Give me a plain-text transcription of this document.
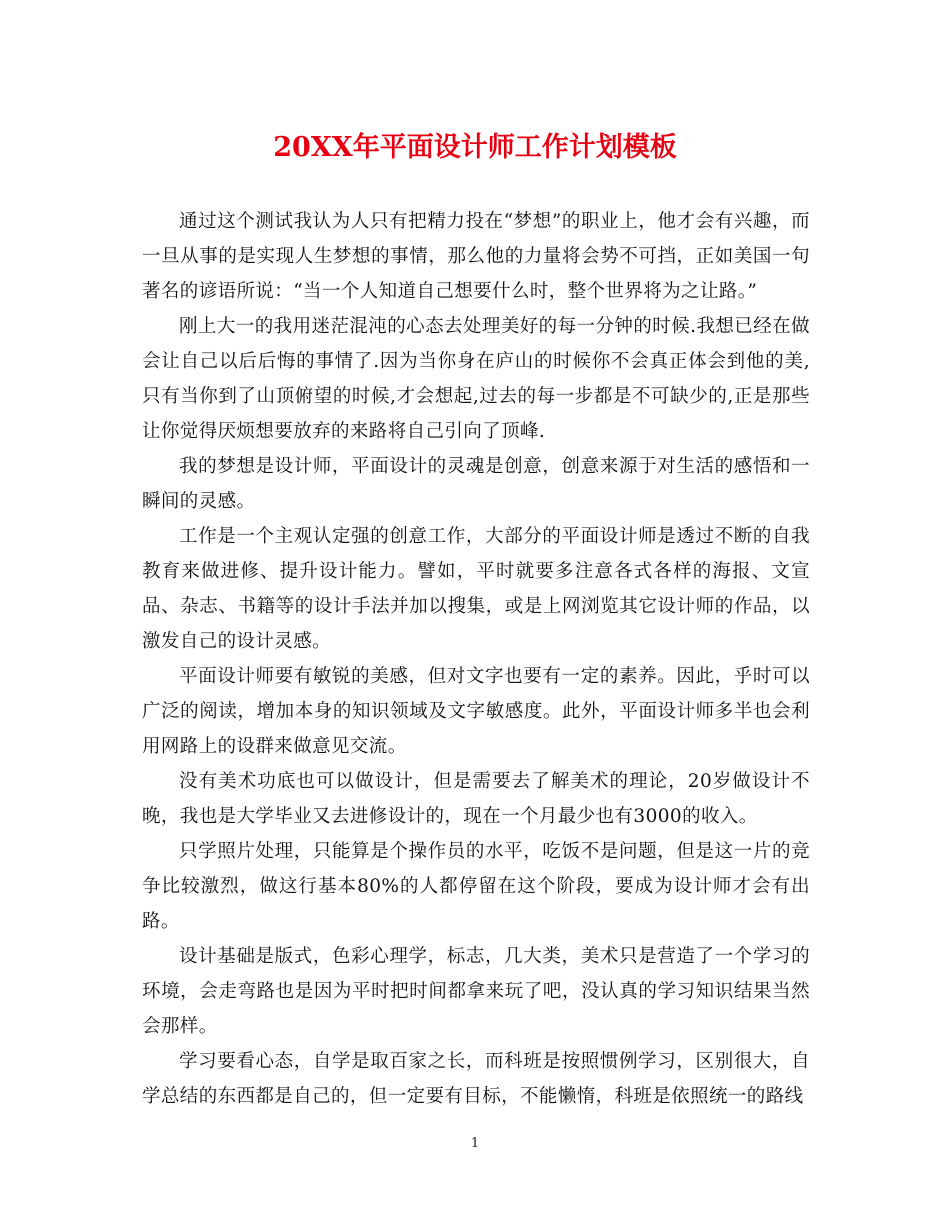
20XX年平面设计师工作计划模板

通过这个测试我认为人只有把精力投在“梦想”的职业上，他才会有兴趣，而一旦从事的是实现人生梦想的事情，那么他的力量将会势不可挡，正如美国一句著名的谚语所说：“当一个人知道自己想要什么时，整个世界将为之让路。”

刚上大一的我用迷茫混沌的心态去处理美好的每一分钟的时候.我想已经在做会让自己以后后悔的事情了.因为当你身在庐山的时候你不会真正体会到他的美,只有当你到了山顶俯望的时候,才会想起,过去的每一步都是不可缺少的,正是那些让你觉得厌烦想要放弃的来路将自己引向了顶峰.

我的梦想是设计师，平面设计的灵魂是创意，创意来源于对生活的感悟和一瞬间的灵感。

工作是一个主观认定强的创意工作，大部分的平面设计师是透过不断的自我教育来做进修、提升设计能力。譬如，平时就要多注意各式各样的海报、文宣品、杂志、书籍等的设计手法并加以搜集，或是上网浏览其它设计师的作品，以激发自己的设计灵感。

平面设计师要有敏锐的美感，但对文字也要有一定的素养。因此，乎时可以广泛的阅读，增加本身的知识领域及文字敏感度。此外，平面设计师多半也会利用网路上的设群来做意见交流。

没有美术功底也可以做设计，但是需要去了解美术的理论，20岁做设计不晚，我也是大学毕业又去进修设计的，现在一个月最少也有3000的收入。

只学照片处理，只能算是个操作员的水平，吃饭不是问题，但是这一片的竞争比较激烈，做这行基本80%的人都停留在这个阶段，要成为设计师才会有出路。

设计基础是版式，色彩心理学，标志，几大类，美术只是营造了一个学习的环境，会走弯路也是因为平时把时间都拿来玩了吧，没认真的学习知识结果当然会那样。

学习要看心态，自学是取百家之长，而科班是按照惯例学习，区别很大，自学总结的东西都是自己的，但一定要有目标，不能懒惰，科班是依照统一的路线

1
